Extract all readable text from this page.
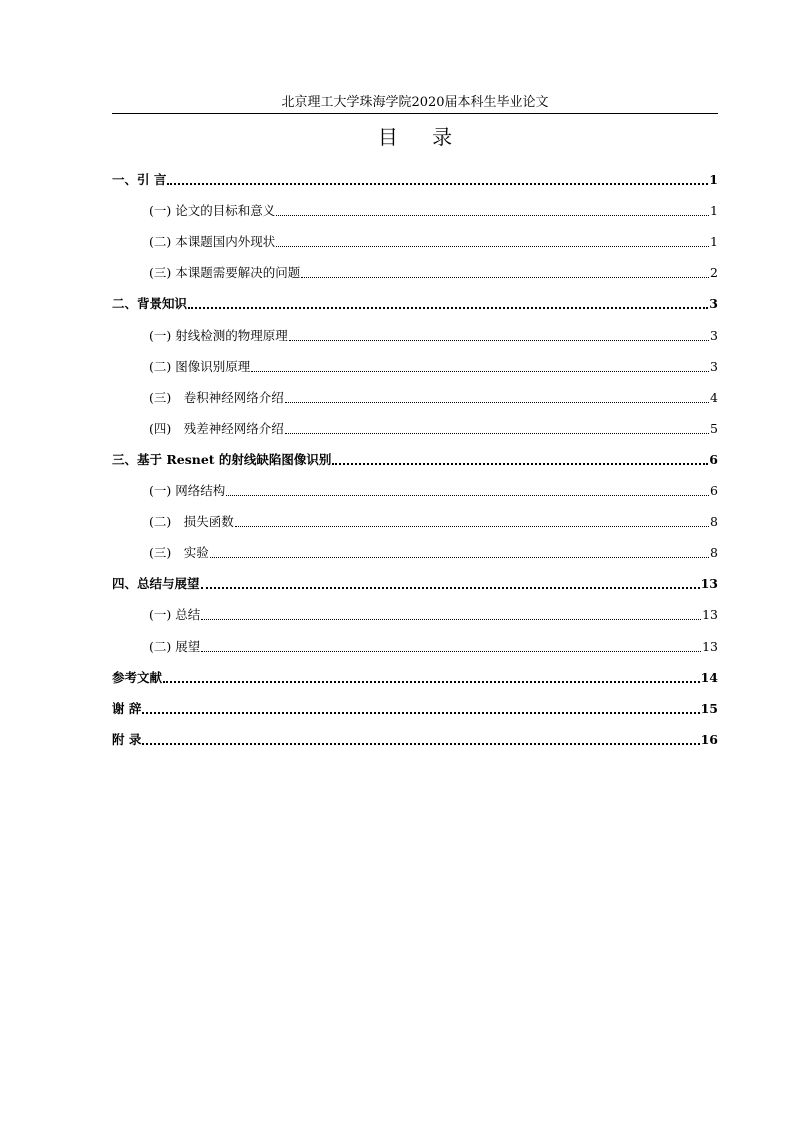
北京理工大学珠海学院2020届本科生毕业论文
目 录
一、引 言	1
(一) 论文的目标和意义	1
(二) 本课题国内外现状	1
(三) 本课题需要解决的问题	2
二、背景知识	3
(一) 射线检测的物理原理	3
(二) 图像识别原理	3
(三)　卷积神经网络介绍	4
(四)　残差神经网络介绍	5
三、基于 Resnet 的射线缺陷图像识别	6
(一) 网络结构	6
(二)　损失函数	8
(三)　实验	8
四、总结与展望	13
(一) 总结	13
(二) 展望	13
参考文献	14
谢 辞	15
附 录	16
